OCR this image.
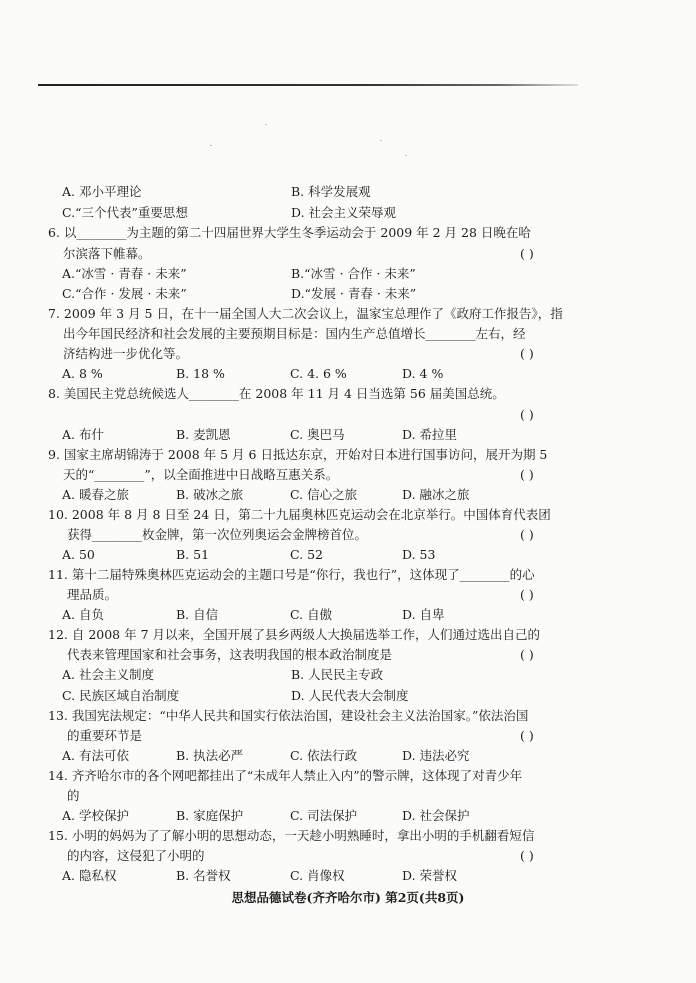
A. 邓小平理论	B. 科学发展观
C.“三个代表”重要思想	D. 社会主义荣辱观
6. 以________为主题的第二十四届世界大学生冬季运动会于 2009 年 2 月 28 日晚在哈
尔滨落下帷幕。
A.“冰雪 · 青春 · 未来”	B.“冰雪 · 合作 · 未来”
C.“合作 · 发展 · 未来”	D.“发展 · 青春 · 未来”
7. 2009 年 3 月 5 日，在十一届全国人大二次会议上，温家宝总理作了《政府工作报告》，指
出今年国民经济和社会发展的主要预期目标是：国内生产总值增长________左右，经
济结构进一步优化等。
A. 8 %	B. 18 %	C. 4. 6 %	D. 4 %
8. 美国民主党总统候选人________在 2008 年 11 月 4 日当选第 56 届美国总统。
A. 布什	B. 麦凯恩	C. 奥巴马	D. 希拉里
9. 国家主席胡锦涛于 2008 年 5 月 6 日抵达东京，开始对日本进行国事访问，展开为期 5
天的“________”，以全面推进中日战略互惠关系。
A. 暖春之旅	B. 破冰之旅	C. 信心之旅	D. 融冰之旅
10. 2008 年 8 月 8 日至 24 日，第二十九届奥林匹克运动会在北京举行。中国体育代表团
获得________枚金牌，第一次位列奥运会金牌榜首位。
A. 50	B. 51	C. 52	D. 53
11. 第十二届特殊奥林匹克运动会的主题口号是“你行，我也行”，这体现了________的心
理品质。
A. 自负	B. 自信	C. 自傲	D. 自卑
12. 自 2008 年 7 月以来，全国开展了县乡两级人大换届选举工作，人们通过选出自己的
代表来管理国家和社会事务，这表明我国的根本政治制度是
A. 社会主义制度	B. 人民民主专政
C. 民族区域自治制度	D. 人民代表大会制度
13. 我国宪法规定：“中华人民共和国实行依法治国，建设社会主义法治国家。”依法治国
的重要环节是
A. 有法可依	B. 执法必严	C. 依法行政	D. 违法必究
14. 齐齐哈尔市的各个网吧都挂出了“未成年人禁止入内”的警示牌，这体现了对青少年
的
A. 学校保护	B. 家庭保护	C. 司法保护	D. 社会保护
15. 小明的妈妈为了了解小明的思想动态，一天趁小明熟睡时，拿出小明的手机翻看短信
的内容，这侵犯了小明的
A. 隐私权	B. 名誉权	C. 肖像权	D. 荣誉权
( )
( )
( )
( )
( )
( )
( )
( )
( )
思想品德试卷(齐齐哈尔市) 第2页(共8页)
